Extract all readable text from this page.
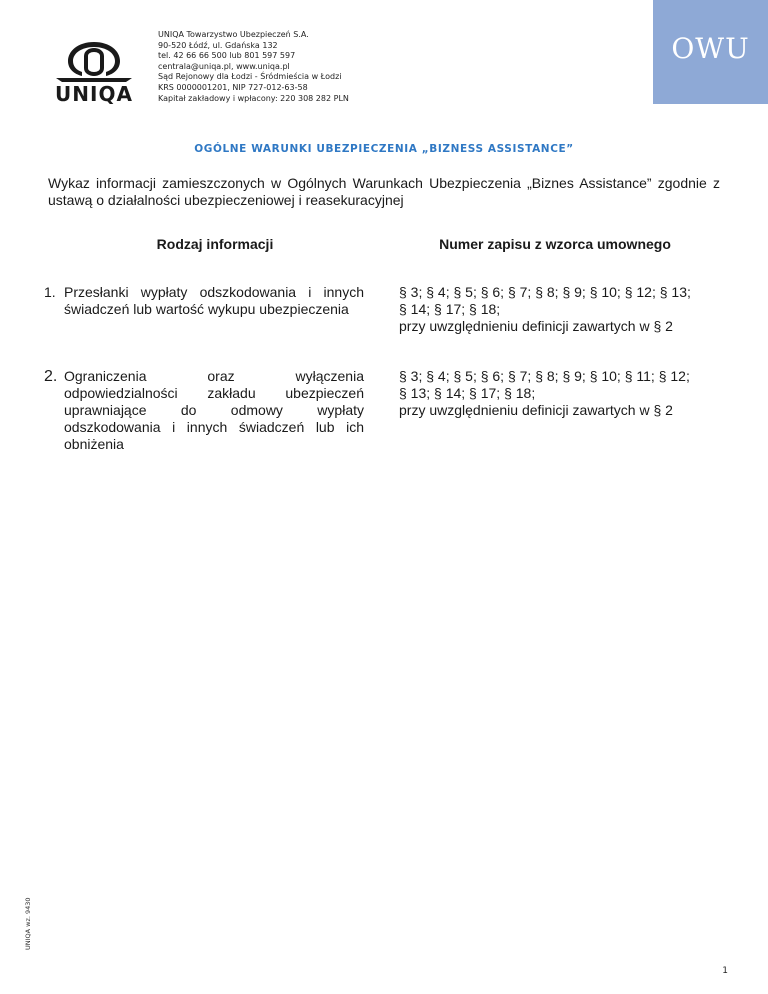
UNIQA
UNIQA Towarzystwo Ubezpieczeń S.A.
90-520 Łódź, ul. Gdańska 132
tel. 42 66 66 500 lub 801 597 597
centrala@uniqa.pl, www.uniqa.pl
Sąd Rejonowy dla Łodzi - Śródmieścia w Łodzi
KRS 0000001201, NIP 727-012-63-58
Kapitał zakładowy i wpłacony: 220 308 282 PLN
OWU
OGÓLNE WARUNKI UBEZPIECZENIA „BIZNESS ASSISTANCE”
Wykaz informacji zamieszczonych w Ogólnych Warunkach Ubezpieczenia „Biznes Assistance” zgodnie z ustawą o działalności ubezpieczeniowej i reasekuracyjnej
Rodzaj informacji	Numer zapisu z wzorca umownego
1. Przesłanki wypłaty odszkodowania i innych świadczeń lub wartość wykupu ubezpieczenia
§ 3; § 4; § 5; § 6; § 7; § 8; § 9; § 10; § 12; § 13;
§ 14; § 17; § 18;
przy uwzględnieniu definicji zawartych w § 2
2. Ograniczenia oraz wyłączenia odpowiedzialności zakładu ubezpieczeń uprawniające do odmowy wypłaty odszkodowania i innych świadczeń lub ich obniżenia
§ 3; § 4; § 5; § 6; § 7; § 8; § 9; § 10; § 11; § 12;
§ 13; § 14; § 17; § 18;
przy uwzględnieniu definicji zawartych w § 2
UNIQA wz. 9430
1
